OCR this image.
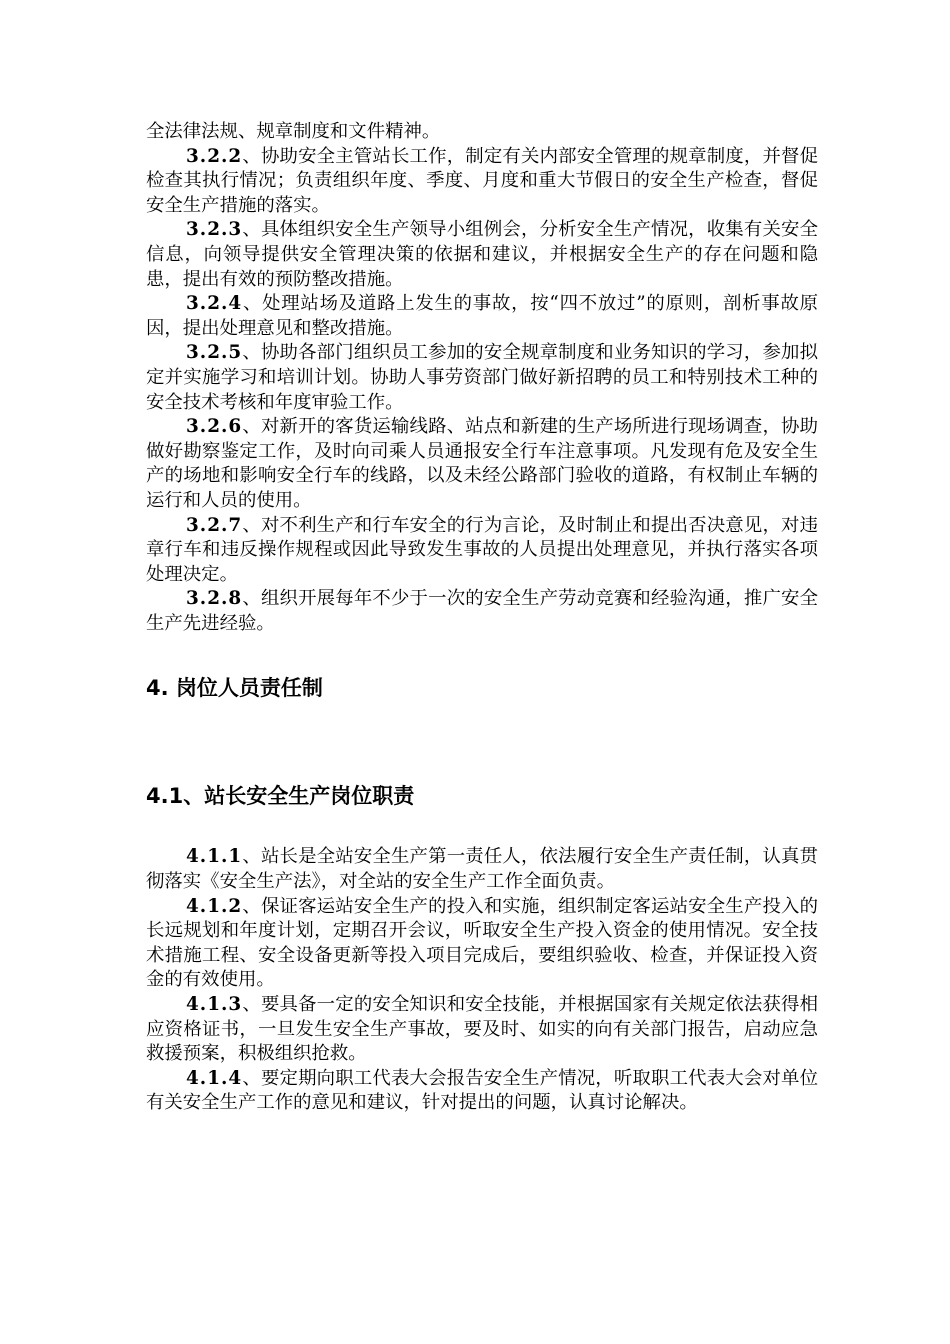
全法律法规、规章制度和文件精神。

3.2.2、协助安全主管站长工作，制定有关内部安全管理的规章制度，并督促检查其执行情况；负责组织年度、季度、月度和重大节假日的安全生产检查，督促安全生产措施的落实。

3.2.3、具体组织安全生产领导小组例会，分析安全生产情况，收集有关安全信息，向领导提供安全管理决策的依据和建议，并根据安全生产的存在问题和隐患，提出有效的预防整改措施。

3.2.4、处理站场及道路上发生的事故，按“四不放过”的原则，剖析事故原因，提出处理意见和整改措施。

3.2.5、协助各部门组织员工参加的安全规章制度和业务知识的学习，参加拟定并实施学习和培训计划。协助人事劳资部门做好新招聘的员工和特别技术工种的安全技术考核和年度审验工作。

3.2.6、对新开的客货运输线路、站点和新建的生产场所进行现场调查，协助做好勘察鉴定工作，及时向司乘人员通报安全行车注意事项。凡发现有危及安全生产的场地和影响安全行车的线路，以及未经公路部门验收的道路，有权制止车辆的运行和人员的使用。

3.2.7、对不利生产和行车安全的行为言论，及时制止和提出否决意见，对违章行车和违反操作规程或因此导致发生事故的人员提出处理意见，并执行落实各项处理决定。

3.2.8、组织开展每年不少于一次的安全生产劳动竞赛和经验沟通，推广安全生产先进经验。

4. 岗位人员责任制
4.1、站长安全生产岗位职责

4.1.1、站长是全站安全生产第一责任人，依法履行安全生产责任制，认真贯彻落实《安全生产法》，对全站的安全生产工作全面负责。

4.1.2、保证客运站安全生产的投入和实施，组织制定客运站安全生产投入的长远规划和年度计划，定期召开会议，听取安全生产投入资金的使用情况。安全技术措施工程、安全设备更新等投入项目完成后，要组织验收、检查，并保证投入资金的有效使用。

4.1.3、要具备一定的安全知识和安全技能，并根据国家有关规定依法获得相应资格证书，一旦发生安全生产事故，要及时、如实的向有关部门报告，启动应急救援预案，积极组织抢救。

4.1.4、要定期向职工代表大会报告安全生产情况，听取职工代表大会对单位有关安全生产工作的意见和建议，针对提出的问题，认真讨论解决。
